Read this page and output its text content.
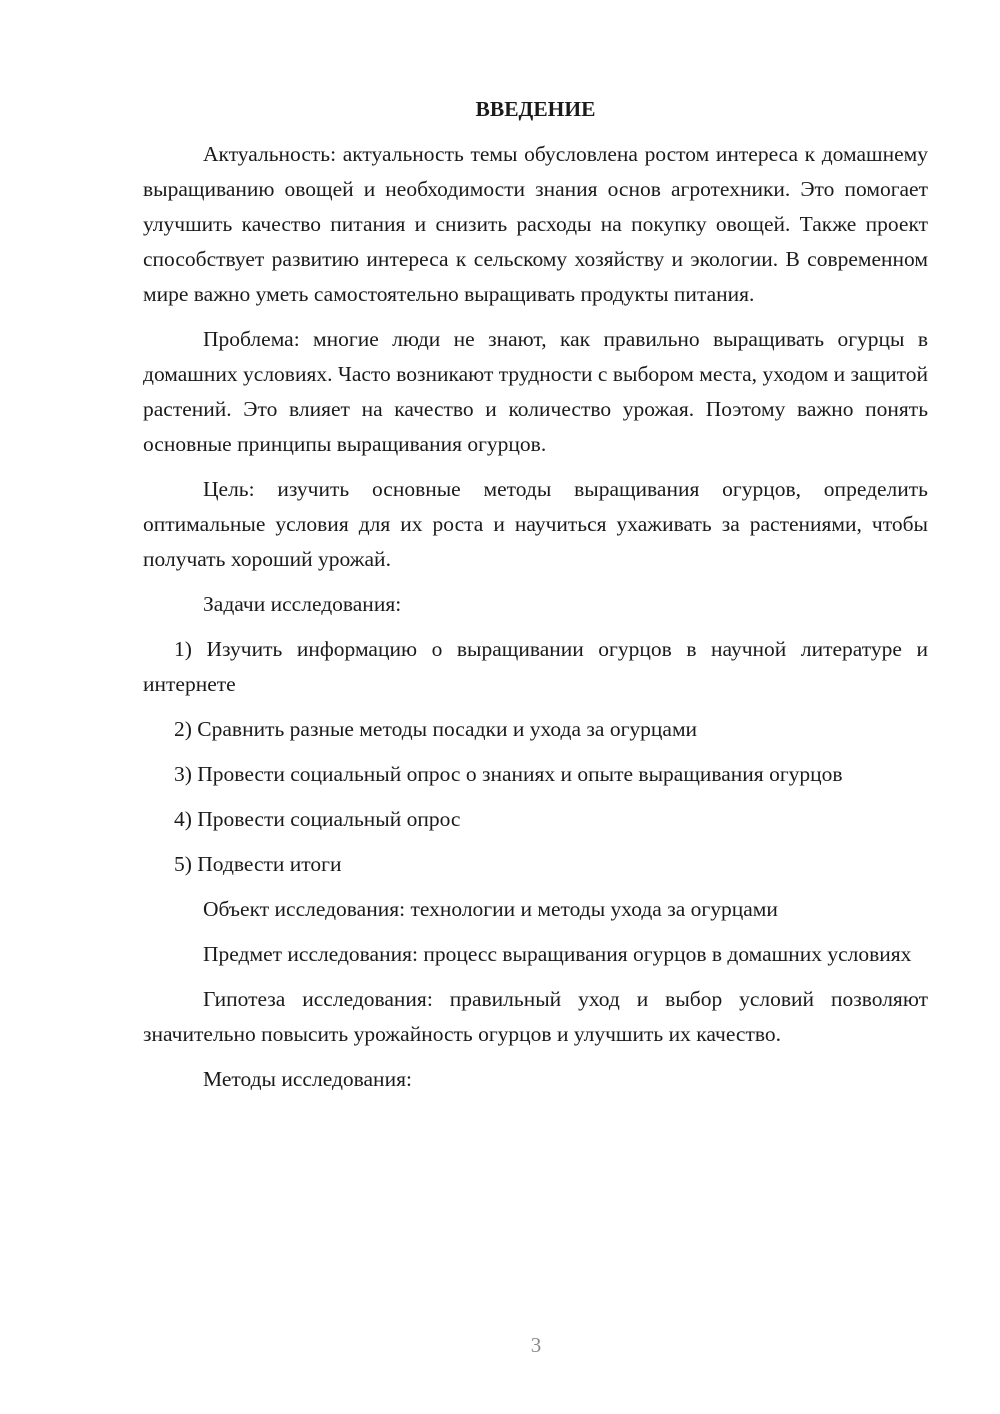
ВВЕДЕНИЕ

Актуальность: актуальность темы обусловлена ростом интереса к домашнему выращиванию овощей и необходимости знания основ агротехники. Это помогает улучшить качество питания и снизить расходы на покупку овощей. Также проект способствует развитию интереса к сельскому хозяйству и экологии. В современном мире важно уметь самостоятельно выращивать продукты питания.

Проблема: многие люди не знают, как правильно выращивать огурцы в домашних условиях. Часто возникают трудности с выбором места, уходом и защитой растений. Это влияет на качество и количество урожая. Поэтому важно понять основные принципы выращивания огурцов.

Цель: изучить основные методы выращивания огурцов, определить оптимальные условия для их роста и научиться ухаживать за растениями, чтобы получать хороший урожай.

Задачи исследования:

1) Изучить информацию о выращивании огурцов в научной литературе и интернете

2) Сравнить разные методы посадки и ухода за огурцами

3) Провести социальный опрос о знаниях и опыте выращивания огурцов

4) Провести социальный опрос

5) Подвести итоги

Объект исследования: технологии и методы ухода за огурцами

Предмет исследования: процесс выращивания огурцов в домашних условиях

Гипотеза исследования: правильный уход и выбор условий позволяют значительно повысить урожайность огурцов и улучшить их качество.

Методы исследования:

3
